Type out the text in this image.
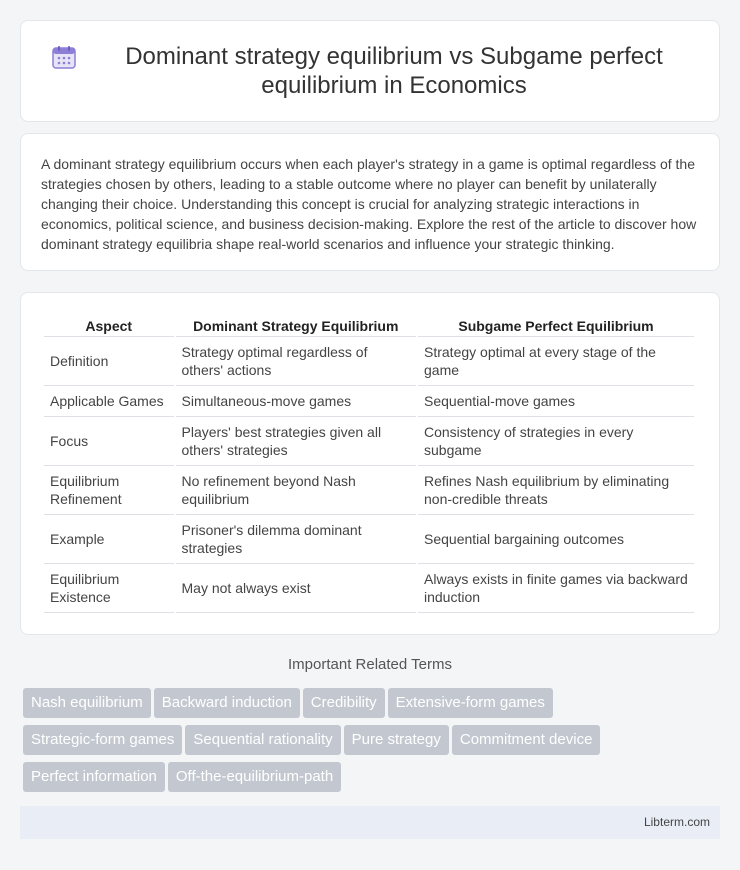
Dominant strategy equilibrium vs Subgame perfect equilibrium in Economics

A dominant strategy equilibrium occurs when each player's strategy in a game is optimal regardless of the strategies chosen by others, leading to a stable outcome where no player can benefit by unilaterally changing their choice. Understanding this concept is crucial for analyzing strategic interactions in economics, political science, and business decision-making. Explore the rest of the article to discover how dominant strategy equilibria shape real-world scenarios and influence your strategic thinking.

Aspect	Dominant Strategy Equilibrium	Subgame Perfect Equilibrium
Definition	Strategy optimal regardless of others' actions	Strategy optimal at every stage of the game
Applicable Games	Simultaneous-move games	Sequential-move games
Focus	Players' best strategies given all others' strategies	Consistency of strategies in every subgame
Equilibrium Refinement	No refinement beyond Nash equilibrium	Refines Nash equilibrium by eliminating non-credible threats
Example	Prisoner's dilemma dominant strategies	Sequential bargaining outcomes
Equilibrium Existence	May not always exist	Always exists in finite games via backward induction
Important Related Terms
Nash equilibrium Backward induction Credibility Extensive-form games
Strategic-form games Sequential rationality Pure strategy Commitment device
Perfect information Off-the-equilibrium-path
Libterm.com
